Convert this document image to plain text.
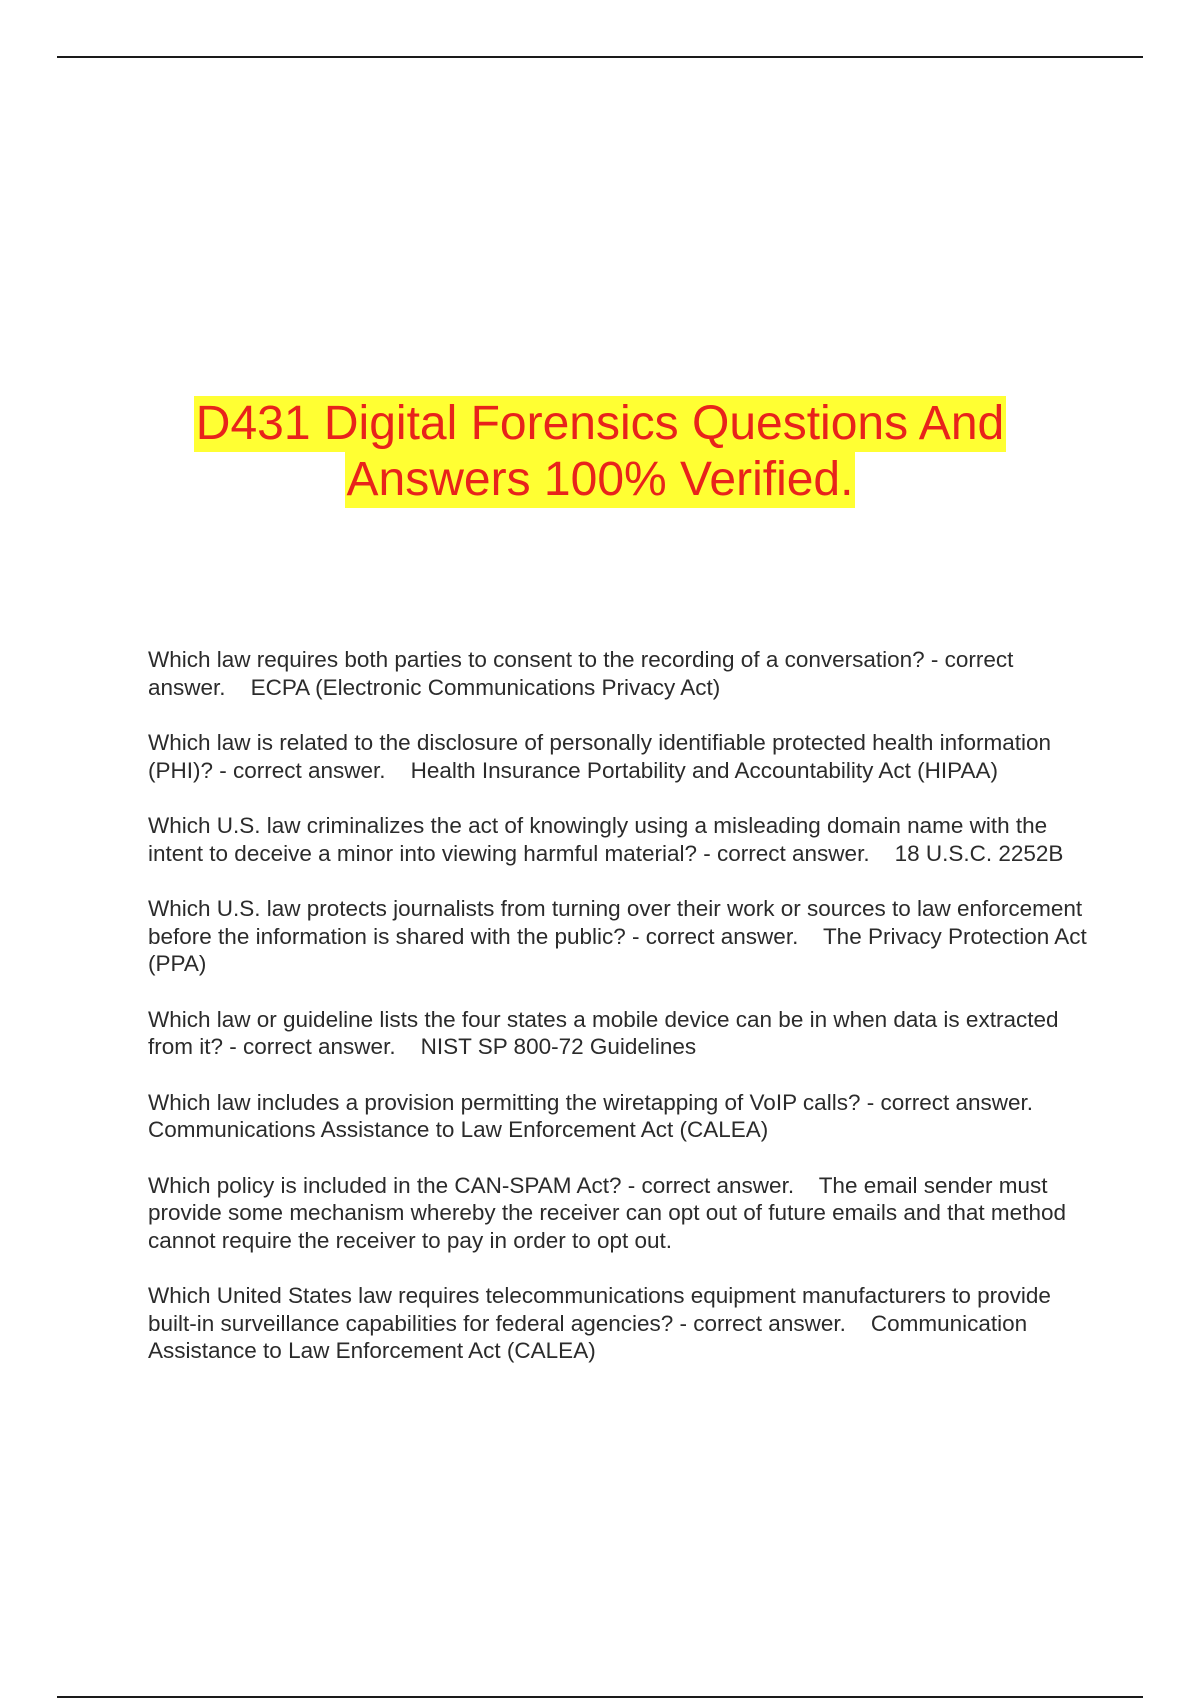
D431 Digital Forensics Questions And
Answers 100% Verified.

Which law requires both parties to consent to the recording of a conversation? - correct answer. ECPA (Electronic Communications Privacy Act)

Which law is related to the disclosure of personally identifiable protected health information (PHI)? - correct answer. Health Insurance Portability and Accountability Act (HIPAA)

Which U.S. law criminalizes the act of knowingly using a misleading domain name with the intent to deceive a minor into viewing harmful material? - correct answer. 18 U.S.C. 2252B

Which U.S. law protects journalists from turning over their work or sources to law enforcement before the information is shared with the public? - correct answer. The Privacy Protection Act (PPA)

Which law or guideline lists the four states a mobile device can be in when data is extracted from it? - correct answer. NIST SP 800-72 Guidelines

Which law includes a provision permitting the wiretapping of VoIP calls? - correct answer.    Communications Assistance to Law Enforcement Act (CALEA)

Which policy is included in the CAN-SPAM Act? - correct answer. The email sender must provide some mechanism whereby the receiver can opt out of future emails and that method cannot require the receiver to pay in order to opt out.

Which United States law requires telecommunications equipment manufacturers to provide built-in surveillance capabilities for federal agencies? - correct answer. Communication Assistance to Law Enforcement Act (CALEA)
